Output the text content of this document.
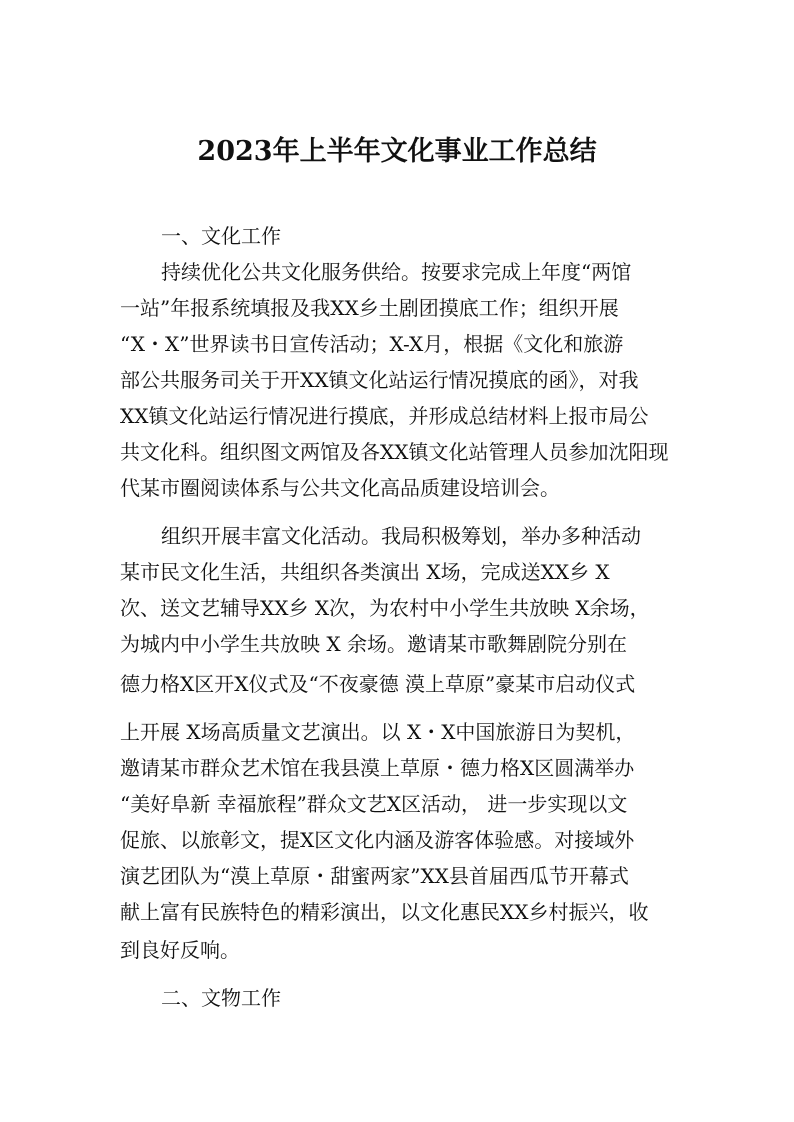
2023年上半年文化事业工作总结
一、文化工作
持续优化公共文化服务供给。按要求完成上年度“两馆
一站”年报系统填报及我XX乡土剧团摸底工作；组织开展
“X・X”世界读书日宣传活动；X-X月，根据《文化和旅游
部公共服务司关于开XX镇文化站运行情况摸底的函》，对我
XX镇文化站运行情况进行摸底，并形成总结材料上报市局公
共文化科。组织图文两馆及各XX镇文化站管理人员参加沈阳现
代某市圈阅读体系与公共文化高品质建设培训会。
组织开展丰富文化活动。我局积极筹划，举办多种活动
某市民文化生活，共组织各类演出 X场，完成送XX乡 X
次、送文艺辅导XX乡 X次，为农村中小学生共放映 X余场，
为城内中小学生共放映 X 余场。邀请某市歌舞剧院分别在
德力格X区开X仪式及“不夜豪德 漠上草原”豪某市启动仪式
上开展 X场高质量文艺演出。以 X・X中国旅游日为契机，
邀请某市群众艺术馆在我县漠上草原・德力格X区圆满举办
“美好阜新 幸福旅程”群众文艺X区活动， 进一步实现以文
促旅、以旅彰文，提X区文化内涵及游客体验感。对接域外
演艺团队为“漠上草原・甜蜜两家”XX县首届西瓜节开幕式
献上富有民族特色的精彩演出，以文化惠民XX乡村振兴，收
到良好反响。
二、文物工作
